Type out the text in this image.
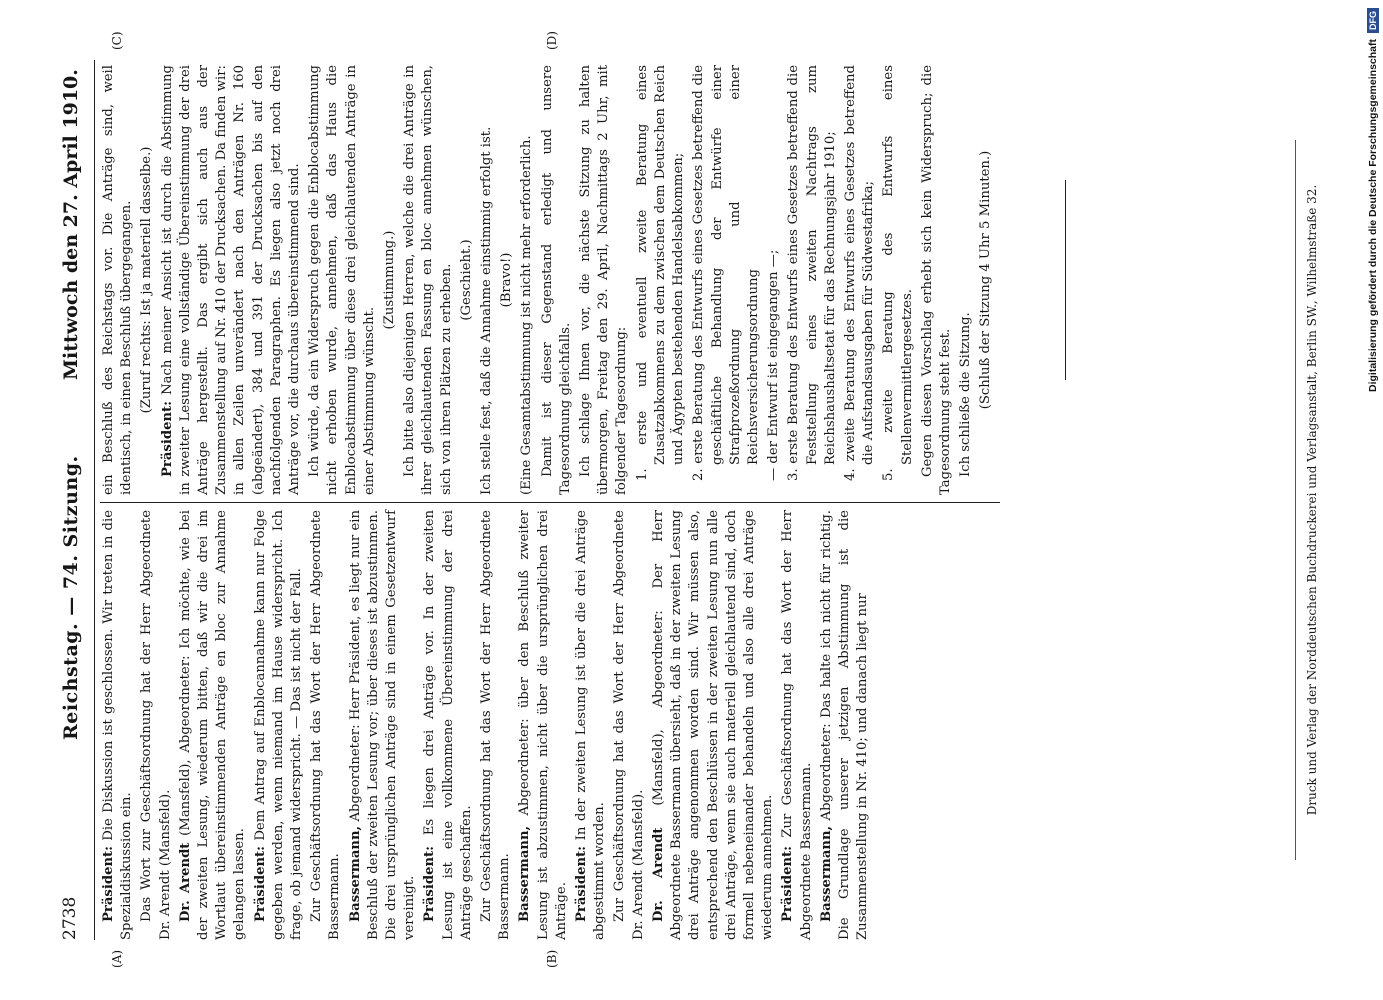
2738
Reichstag. — 74. Sitzung.
Mittwoch den 27. April 1910.
(A)	(B)
(C)	(D)

Präsident: Die Diskussion ist geschlossen. Wir treten in die Spezialdiskussion ein. Das Wort zur Geschäftsordnung hat der Herr Abgeordnete Dr. Arendt (Mansfeld). Dr. Arendt (Mansfeld), Abgeordneter: Ich möchte, wie bei der zweiten Lesung, wiederum bitten, daß wir die drei im Wortlaut übereinstimmenden Anträge en bloc zur Annahme gelangen lassen. Präsident: Dem Antrag auf Enblocannahme kann nur Folge gegeben werden, wenn niemand im Hause widerspricht. Ich frage, ob jemand widerspricht. — Das ist nicht der Fall. Zur Geschäftsordnung hat das Wort der Herr Abgeordnete Bassermann. Bassermann, Abgeordneter: Herr Präsident, es liegt nur ein Beschluß der zweiten Lesung vor; über dieses ist abzustimmen. Die drei ursprünglichen Anträge sind in einem Gesetzentwurf vereinigt. Präsident: Es liegen drei Anträge vor. In der zweiten Lesung ist eine vollkommene Übereinstimmung der drei Anträge geschaffen. Zur Geschäftsordnung hat das Wort der Herr Abgeordnete Bassermann. Bassermann, Abgeordneter: über den Beschluß zweiter Lesung ist abzustimmen, nicht über die ursprünglichen drei Anträge. Präsident: In der zweiten Lesung ist über die drei Anträge abgestimmt worden. Zur Geschäftsordnung hat das Wort der Herr Abgeordnete Dr. Arendt (Mansfeld). Dr. Arendt (Mansfeld), Abgeordneter: Der Herr Abgeordnete Bassermann übersieht, daß in der zweiten Lesung drei Anträge angenommen worden sind. Wir müssen also, entsprechend den Beschlüssen in der zweiten Lesung nun alle drei Anträge, wenn sie auch materiell gleichlautend sind, doch formell nebeneinander behandeln und also alle drei Anträge wiederum annehmen. Präsident: Zur Geschäftsordnung hat das Wort der Herr Abgeordnete Bassermann. Bassermann, Abgeordneter: Das halte ich nicht für richtig. Die Grundlage unserer jetzigen Abstimmung ist die Zusammenstellung in Nr. 410; und danach liegt nur

ein Beschluß des Reichstags vor. Die Anträge sind, weil identisch, in einen Beschluß übergegangen. (Zuruf rechts: Ist ja materiell dasselbe.)

Präsident: Nach meiner Ansicht ist durch die Abstimmung in zweiter Lesung eine vollständige Übereinstimmung der drei Anträge hergestellt. Das ergibt sich auch aus der Zusammenstellung auf Nr. 410 der Drucksachen. Da finden wir: in allen Zeilen unverändert nach den Anträgen Nr. 160 (abgeändert), 384 und 391 der Drucksachen bis auf den nachfolgenden Paragraphen. Es liegen also jetzt noch drei Anträge vor, die durchaus übereinstimmend sind. Ich würde, da ein Widerspruch gegen die Enblocabstimmung nicht erhoben wurde, annehmen, daß das Haus die Enblocabstimmung über diese drei gleichlautenden Anträge in einer Abstimmung wünscht.

(Zustimmung.) Ich bitte also diejenigen Herren, welche die drei Anträge in ihrer gleichlautenden Fassung en bloc annehmen wünschen, sich von ihren Plätzen zu erheben. (Geschieht.) Ich stelle fest, daß die Annahme einstimmig erfolgt ist. (Bravo!) (Eine Gesamtabstimmung ist nicht mehr erforderlich. Damit ist dieser Gegenstand erledigt und unsere Tagesordnung gleichfalls. Ich schlage Ihnen vor, die nächste Sitzung zu halten übermorgen, Freitag den 29. April, Nachmittags 2 Uhr, mit folgender Tagesordnung: 1. erste und eventuell zweite Beratung eines Zusatzabkommens zu dem zwischen dem Deutschen Reich und Ägypten bestehenden Handelsabkommen; 2. erste Beratung des Entwurfs eines Gesetzes betreffend die geschäftliche Behandlung der Entwürfe einer Strafprozeßordnung und einer Reichsversicherungsordnung — der Entwurf ist eingegangen —; 3. erste Beratung des Entwurfs eines Gesetzes betreffend die Feststellung eines zweiten Nachtrags zum Reichshaushaltsetat für das Rechnungsjahr 1910; 4. zweite Beratung des Entwurfs eines Gesetzes betreffend die Aufstandsausgaben für Südwestafrika; 5. zweite Beratung des Entwurfs eines Stellenvermittlergesetzes. Gegen diesen Vorschlag erhebt sich kein Widerspruch; die Tagesordnung steht fest. Ich schließe die Sitzung. (Schluß der Sitzung 4 Uhr 5 Minuten.)	Druck und Verlag der Norddeutschen Buchdruckerei und Verlagsanstalt, Berlin SW., Wilhelmstraße 32.	Digitalisierung gefördert durch die Deutsche Forschungsgemeinschaft
DFG
